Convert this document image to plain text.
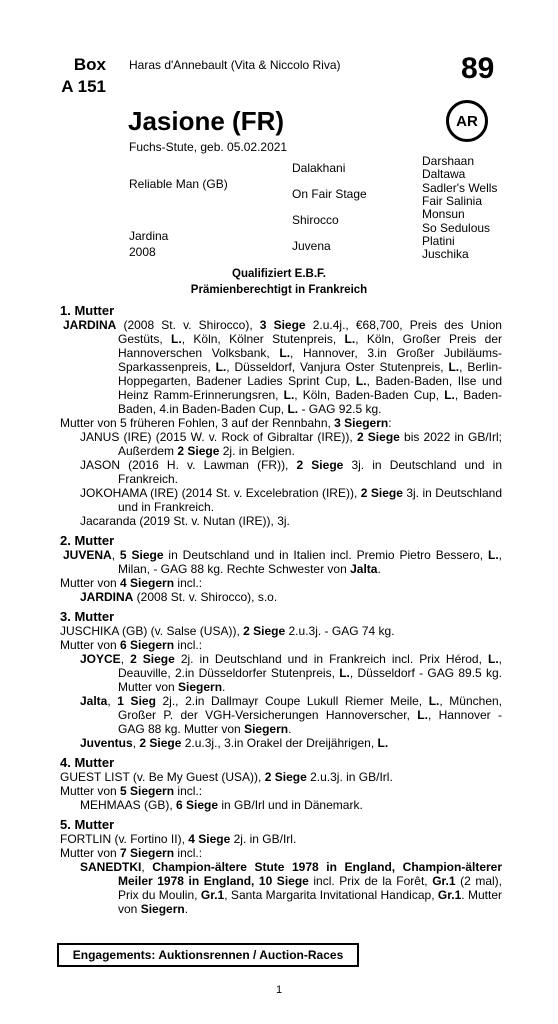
Box
A 151
Haras d'Annebault (Vita & Niccolo Riva)	89
Jasione (FR)	AR
Fuchs-Stute, geb. 05.02.2021
Reliable Man (GB)
Jardina
2008
Dalakhani
On Fair Stage
Shirocco
Juvena
Darshaan
Daltawa
Sadler's Wells
Fair Salinia
Monsun
So Sedulous
Platini
Juschika
Qualifiziert E.B.F.
Prämienberechtigt in Frankreich
1. Mutter
JARDINA (2008 St. v. Shirocco), 3 Siege 2.u.4j., €68,700, Preis des Union Gestüts, L., Köln, Kölner Stutenpreis, L., Köln, Großer Preis der Hannoverschen Volksbank, L., Hannover, 3.in Großer Jubiläums-Sparkassenpreis, L., Düsseldorf, Vanjura Oster Stutenpreis, L., Berlin-Hoppegarten, Badener Ladies Sprint Cup, L., Baden-Baden, Ilse und Heinz Ramm-Erinnerungsren, L., Köln, Baden-Baden Cup, L., Baden-Baden, 4.in Baden-Baden Cup, L. - GAG 92.5 kg.
Mutter von 5 früheren Fohlen, 3 auf der Rennbahn, 3 Siegern:
JANUS (IRE) (2015 W. v. Rock of Gibraltar (IRE)), 2 Siege bis 2022 in GB/Irl; Außerdem 2 Siege 2j. in Belgien.
JASON (2016 H. v. Lawman (FR)), 2 Siege 3j. in Deutschland und in Frankreich.
JOKOHAMA (IRE) (2014 St. v. Excelebration (IRE)), 2 Siege 3j. in Deutschland und in Frankreich.
Jacaranda (2019 St. v. Nutan (IRE)), 3j.
2. Mutter
JUVENA, 5 Siege in Deutschland und in Italien incl. Premio Pietro Bessero, L., Milan, - GAG 88 kg. Rechte Schwester von Jalta.
Mutter von 4 Siegern incl.:
JARDINA (2008 St. v. Shirocco), s.o.
3. Mutter
JUSCHIKA (GB) (v. Salse (USA)), 2 Siege 2.u.3j. - GAG 74 kg.
Mutter von 6 Siegern incl.:
JOYCE, 2 Siege 2j. in Deutschland und in Frankreich incl. Prix Hérod, L., Deauville, 2.in Düsseldorfer Stutenpreis, L., Düsseldorf - GAG 89.5 kg. Mutter von Siegern.
Jalta, 1 Sieg 2j., 2.in Dallmayr Coupe Lukull Riemer Meile, L., München, Großer P. der VGH-Versicherungen Hannoverscher, L., Hannover - GAG 88 kg. Mutter von Siegern.
Juventus, 2 Siege 2.u.3j., 3.in Orakel der Dreijährigen, L.
4. Mutter
GUEST LIST (v. Be My Guest (USA)), 2 Siege 2.u.3j. in GB/Irl.
Mutter von 5 Siegern incl.:
MEHMAAS (GB), 6 Siege in GB/Irl und in Dänemark.
5. Mutter
FORTLIN (v. Fortino II), 4 Siege 2j. in GB/Irl.
Mutter von 7 Siegern incl.:
SANEDTKI, Champion-ältere Stute 1978 in England, Champion-älterer Meiler 1978 in England, 10 Siege incl. Prix de la Forêt, Gr.1 (2 mal), Prix du Moulin, Gr.1, Santa Margarita Invitational Handicap, Gr.1. Mutter von Siegern.
Engagements: Auktionsrennen / Auction-Races
1
